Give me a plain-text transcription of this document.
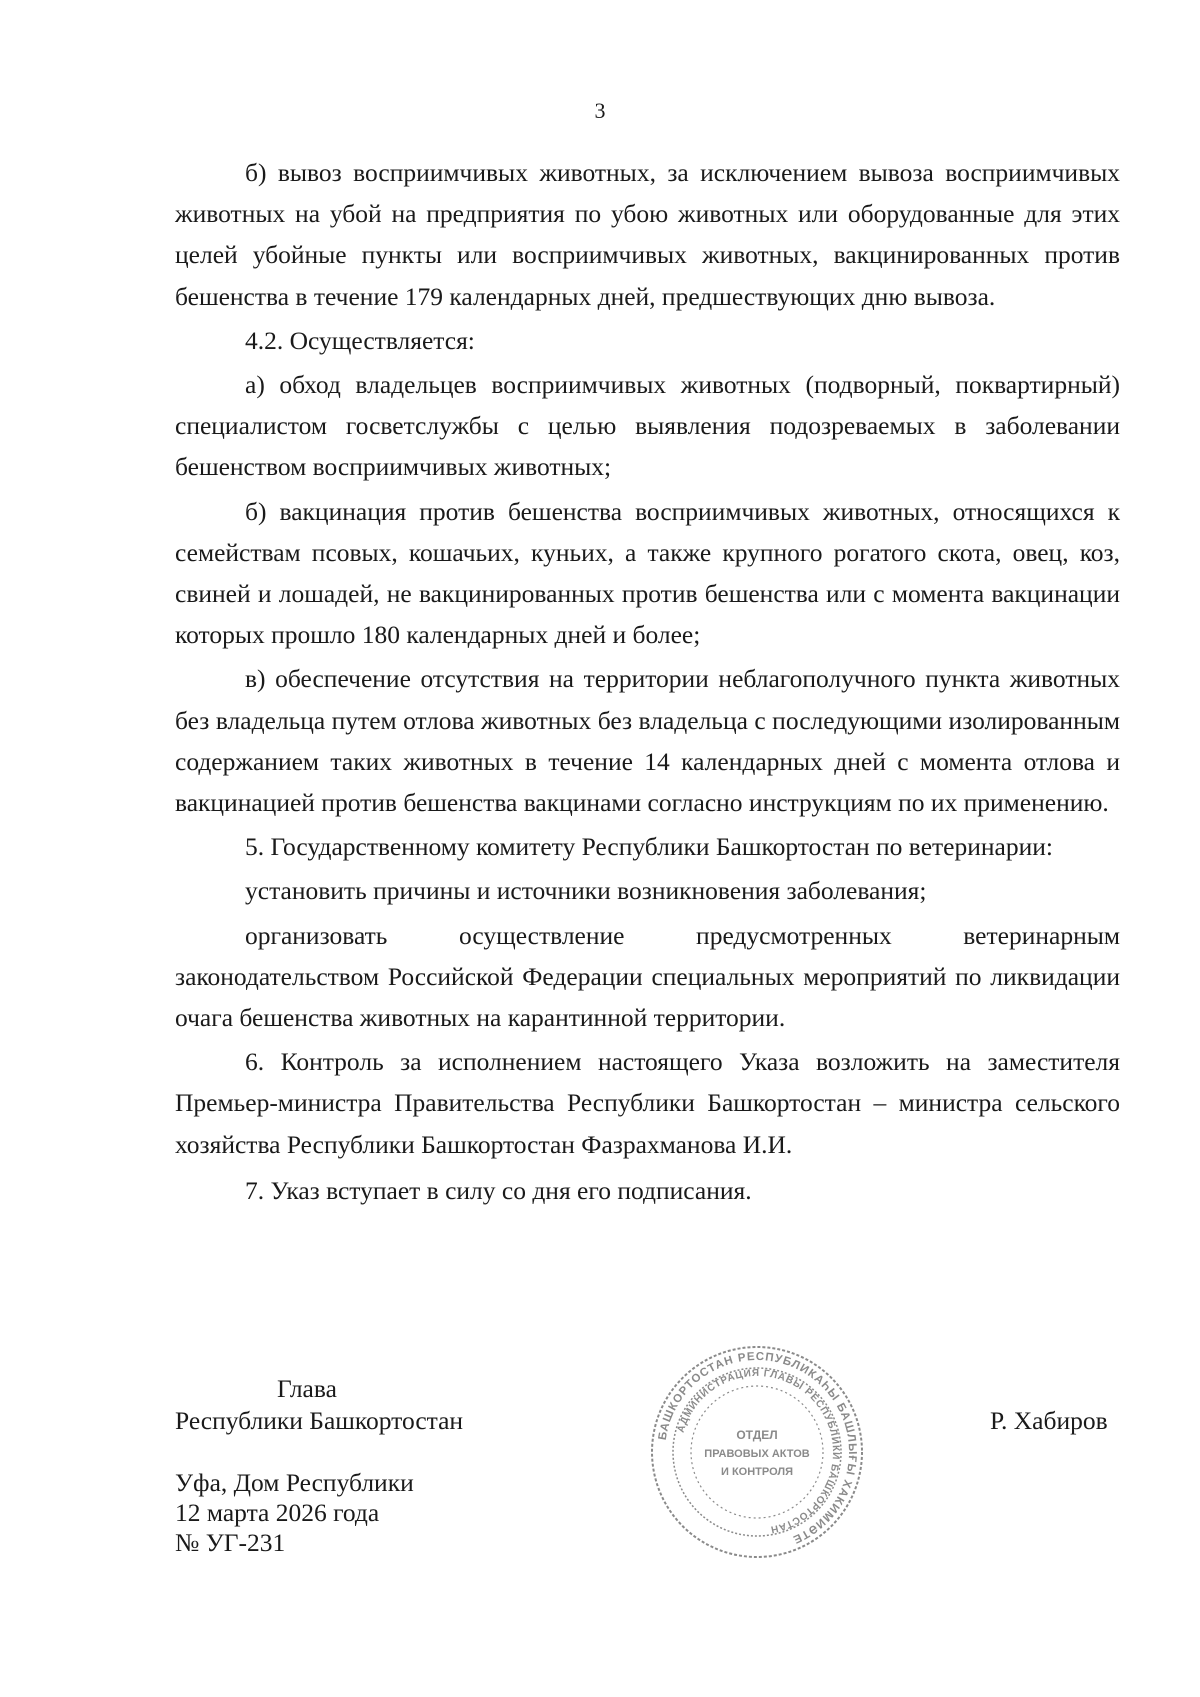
3

б) вывоз восприимчивых животных, за исключением вывоза восприимчивых животных на убой на предприятия по убою животных или оборудованные для этих целей убойные пункты или восприимчивых животных, вакцинированных против бешенства в течение 179 календарных дней, предшествующих дню вывоза.

4.2. Осуществляется:

а) обход владельцев восприимчивых животных (подворный, поквартирный) специалистом госветслужбы с целью выявления подозреваемых в заболевании бешенством восприимчивых животных;

б) вакцинация против бешенства восприимчивых животных, относящихся к семействам псовых, кошачьих, куньих, а также крупного рогатого скота, овец, коз, свиней и лошадей, не вакцинированных против бешенства или с момента вакцинации которых прошло 180 календарных дней и более;

в) обеспечение отсутствия на территории неблагополучного пункта животных без владельца путем отлова животных без владельца с последующими изолированным содержанием таких животных в течение 14 календарных дней с момента отлова и вакцинацией против бешенства вакцинами согласно инструкциям по их применению.

5. Государственному комитету Республики Башкортостан по ветеринарии:

установить причины и источники возникновения заболевания;

организовать осуществление предусмотренных ветеринарным законодательством Российской Федерации специальных мероприятий по ликвидации очага бешенства животных на карантинной территории.

6. Контроль за исполнением настоящего Указа возложить на заместителя Премьер-министра Правительства Республики Башкортостан – министра сельского хозяйства Республики Башкортостан Фазрахманова И.И.

7. Указ вступает в силу со дня его подписания.

Глава
Республики Башкортостан	Р. Хабиров
Уфа, Дом Республики
12 марта 2026 года
№ УГ-231
БАШКОРТОСТАН РЕСПУБЛИКАҺЫ БАШЛЫҒЫ ХАКИМИӘТЕ
АДМИНИСТРАЦИЯ ГЛАВЫ РЕСПУБЛИКИ БАШКОРТОСТАН
ОТДЕЛ
ПРАВОВЫХ АКТОВ
И КОНТРОЛЯ
